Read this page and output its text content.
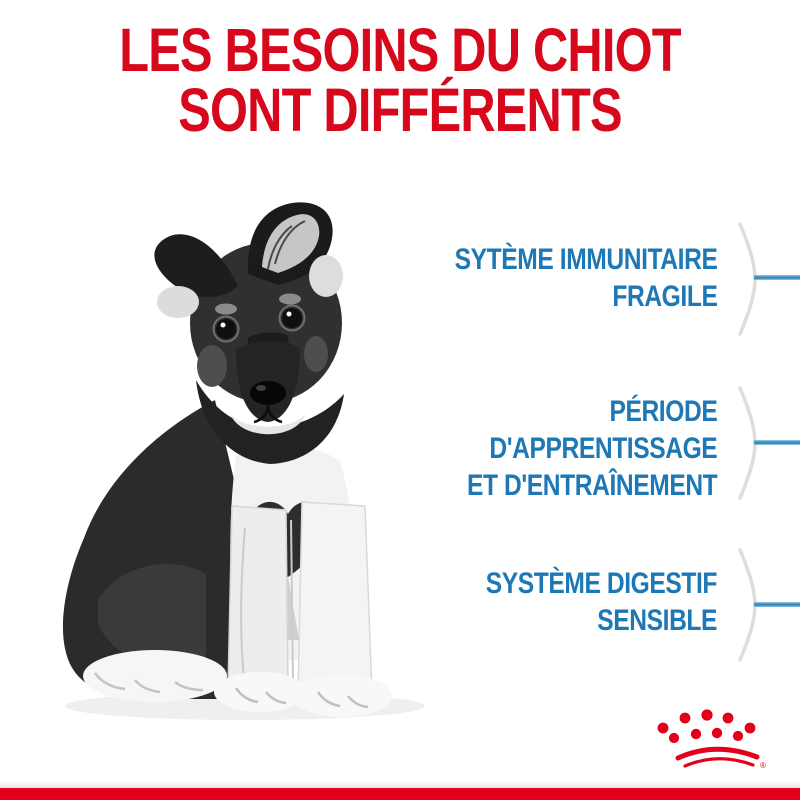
LES BESOINS DU CHIOT
SONT DIFFÉRENTS
SYTÈME IMMUNITAIRE
FRAGILE
PÉRIODE
D'APPRENTISSAGE
ET D'ENTRAÎNEMENT
SYSTÈME DIGESTIF
SENSIBLE
®
